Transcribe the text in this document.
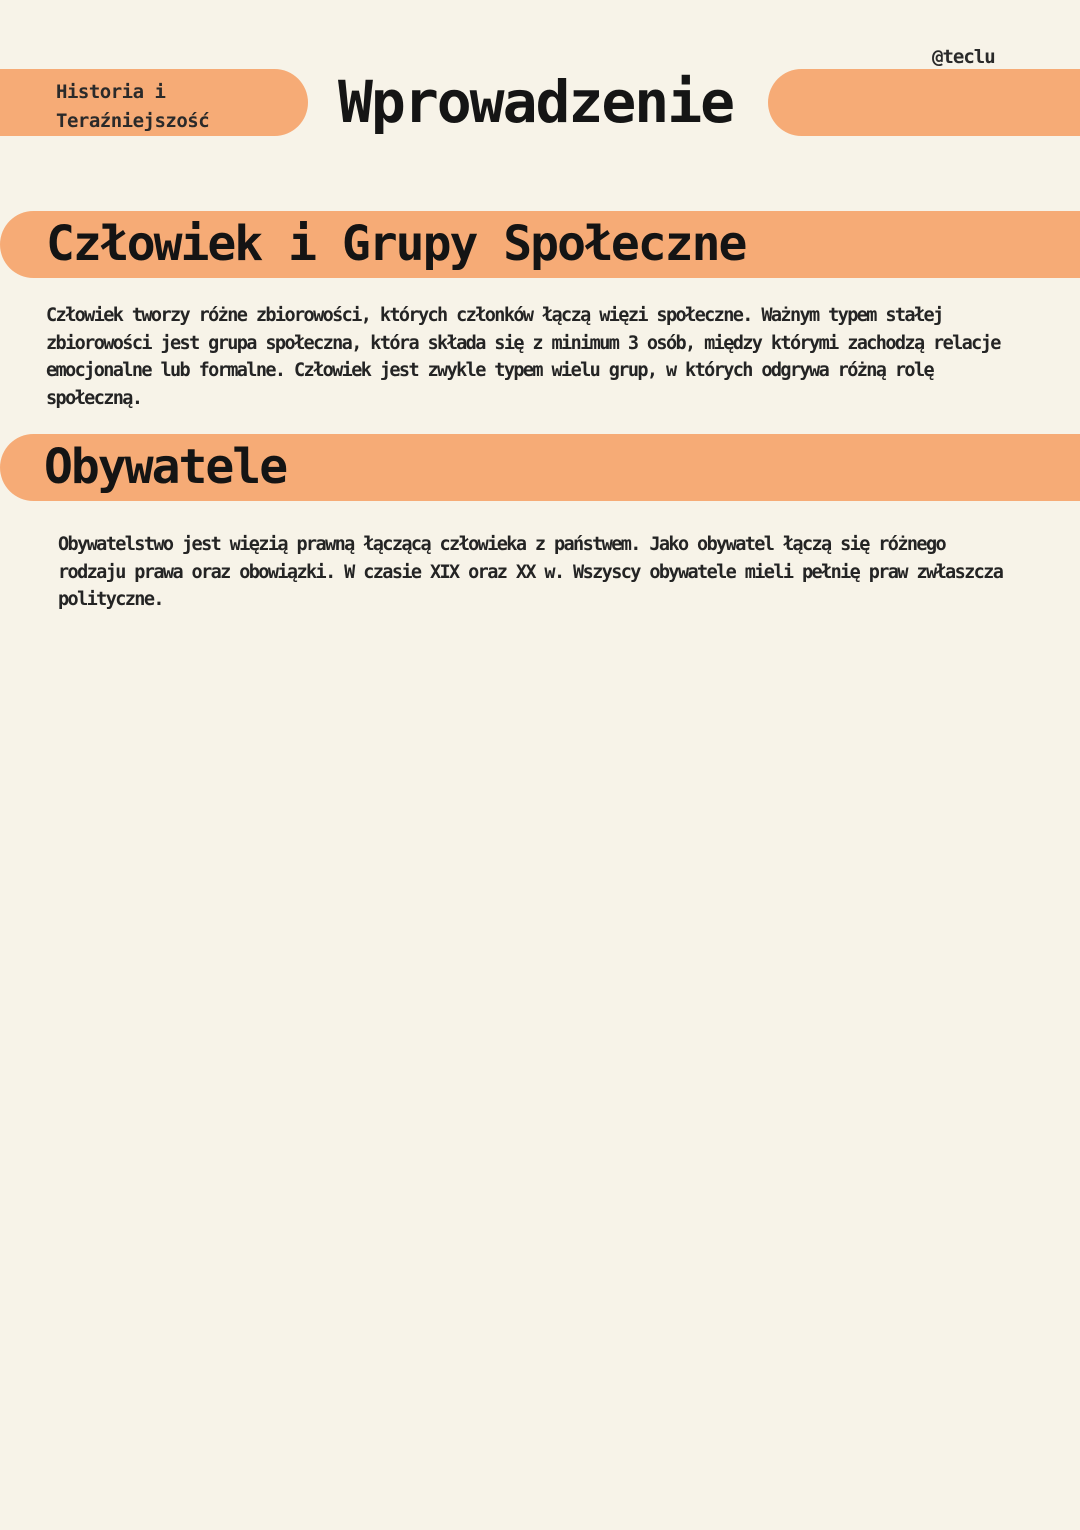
Historia i
Teraźniejszość	Wprowadzenie
@teclu
Człowiek i Grupy Społeczne

Człowiek tworzy różne zbiorowości, których członków łączą więzi społeczne. Ważnym typem stałej zbiorowości jest grupa społeczna, która składa się z minimum 3 osób, między którymi zachodzą relacje emocjonalne lub formalne. Człowiek jest zwykle typem wielu grup, w których odgrywa różną rolę społeczną.

Obywatele

Obywatelstwo jest więzią prawną łączącą człowieka z państwem. Jako obywatel łączą się różnego rodzaju prawa oraz obowiązki. W czasie XIX oraz XX w. Wszyscy obywatele mieli pełnię praw zwłaszcza polityczne.
